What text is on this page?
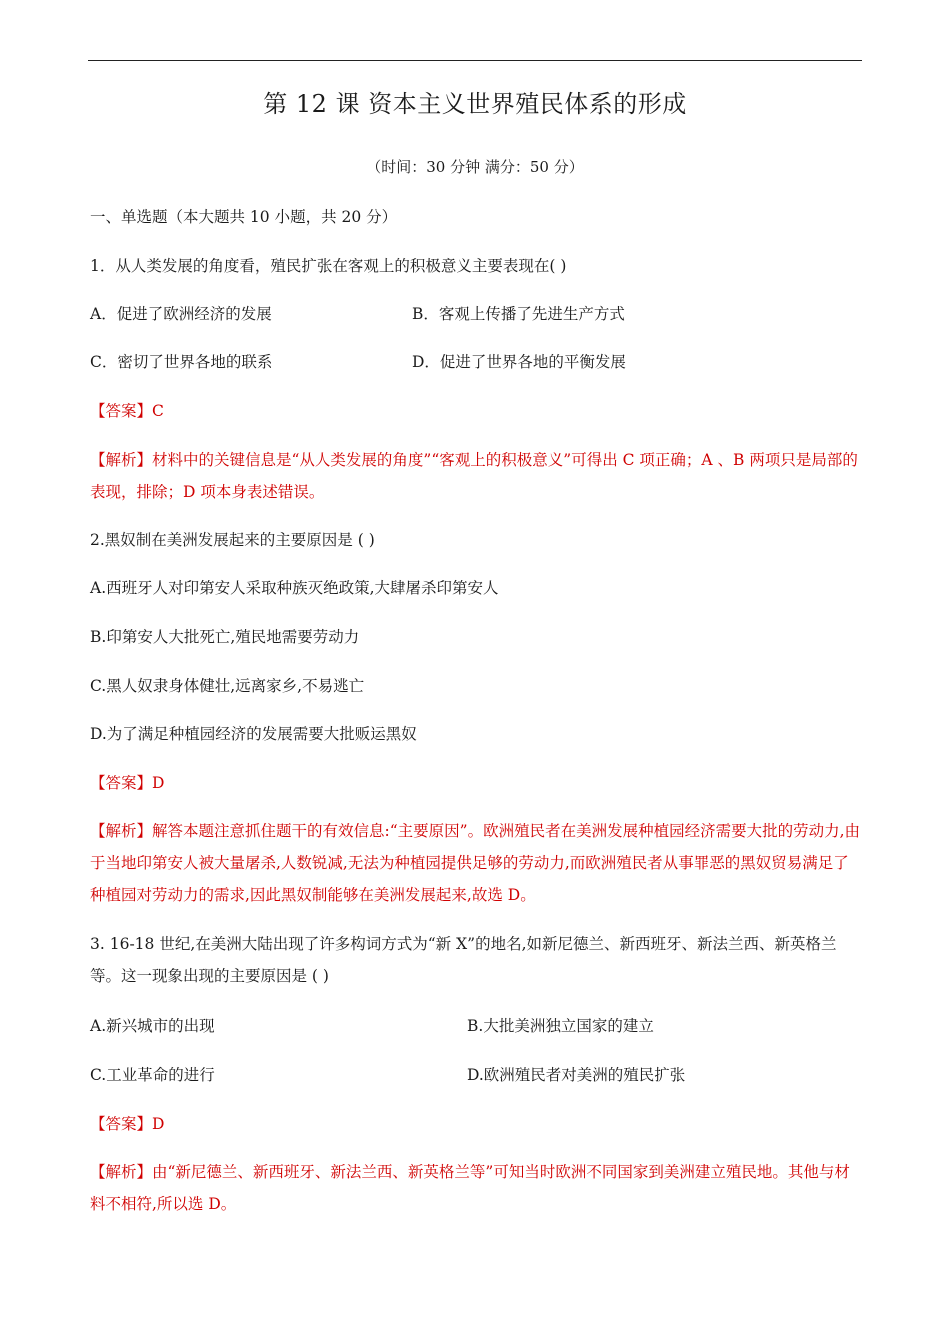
第 12 课 资本主义世界殖民体系的形成
（时间：30 分钟 满分：50 分）
一、单选题（本大题共 10 小题，共 20 分）
1．从人类发展的角度看，殖民扩张在客观上的积极意义主要表现在( )
A．促进了欧洲经济的发展	B．客观上传播了先进生产方式
C．密切了世界各地的联系	D．促进了世界各地的平衡发展
【答案】C
【解析】材料中的关键信息是“从人类发展的角度”“客观上的积极意义”可得出 C 项正确；A 、B 两项只是局部的表现，排除；D 项本身表述错误。
2.黑奴制在美洲发展起来的主要原因是 ( )
A.西班牙人对印第安人采取种族灭绝政策,大肆屠杀印第安人
B.印第安人大批死亡,殖民地需要劳动力
C.黑人奴隶身体健壮,远离家乡,不易逃亡
D.为了满足种植园经济的发展需要大批贩运黑奴
【答案】D
【解析】解答本题注意抓住题干的有效信息:“主要原因”。欧洲殖民者在美洲发展种植园经济需要大批的劳动力,由于当地印第安人被大量屠杀,人数锐减,无法为种植园提供足够的劳动力,而欧洲殖民者从事罪恶的黑奴贸易满足了种植园对劳动力的需求,因此黑奴制能够在美洲发展起来,故选 D。
3. 16-18 世纪,在美洲大陆出现了许多构词方式为“新 X”的地名,如新尼德兰、新西班牙、新法兰西、新英格兰等。这一现象出现的主要原因是 ( )
A.新兴城市的出现	B.大批美洲独立国家的建立
C.工业革命的进行	D.欧洲殖民者对美洲的殖民扩张
【答案】D
【解析】由“新尼德兰、新西班牙、新法兰西、新英格兰等”可知当时欧洲不同国家到美洲建立殖民地。其他与材料不相符,所以选 D。
